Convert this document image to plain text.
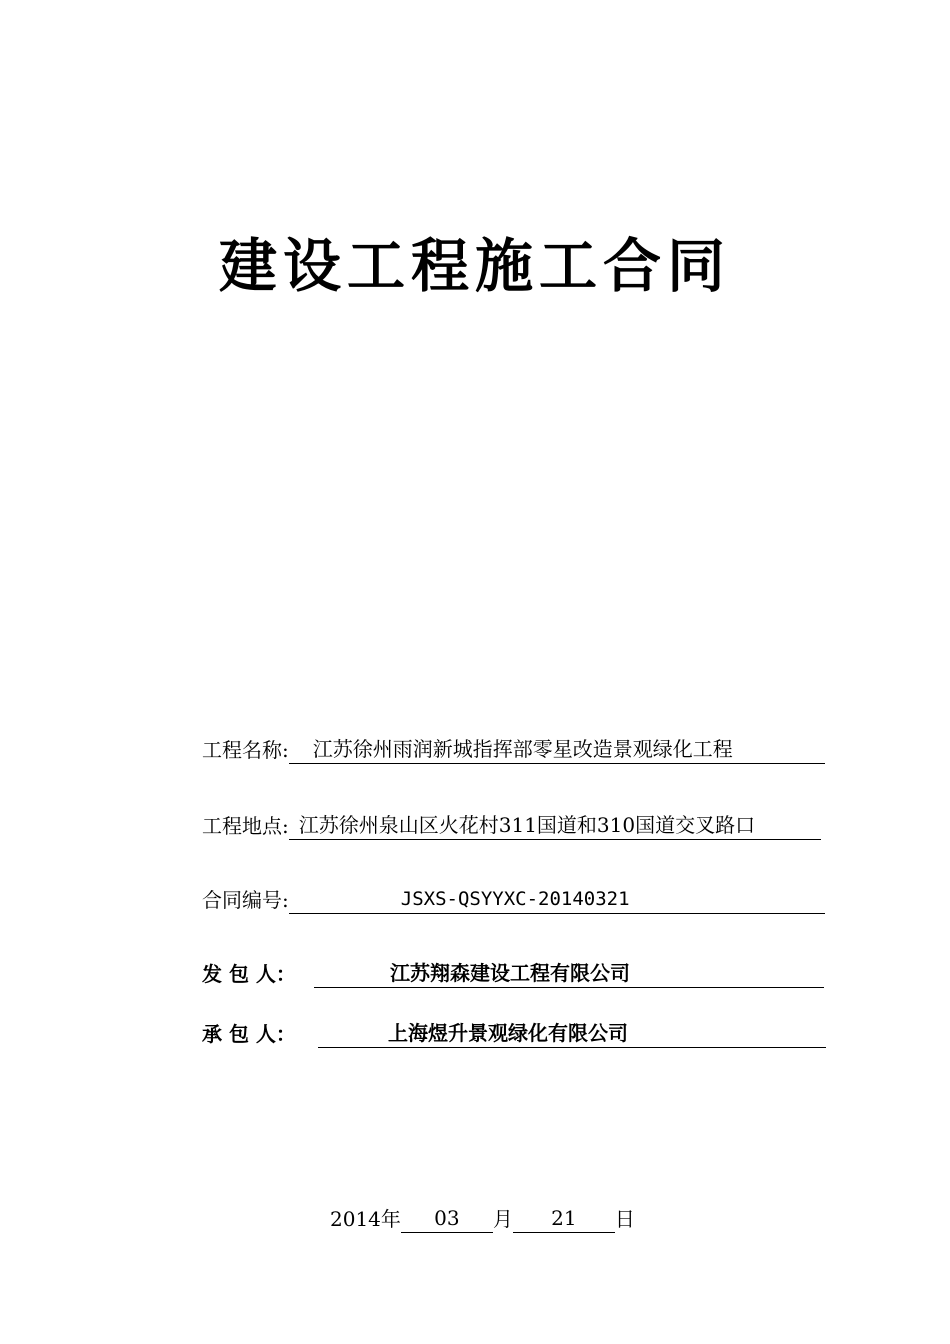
建设工程施工合同
工程名称: 江苏徐州雨润新城指挥部零星改造景观绿化工程
工程地点: 江苏徐州泉山区火花村311国道和310国道交叉路口
合同编号:	JSXS-QSYYXC-20140321
发 包 人：	江苏翔森建设工程有限公司
承 包 人：	上海煜升景观绿化有限公司
2014 年	03	月	21	日
